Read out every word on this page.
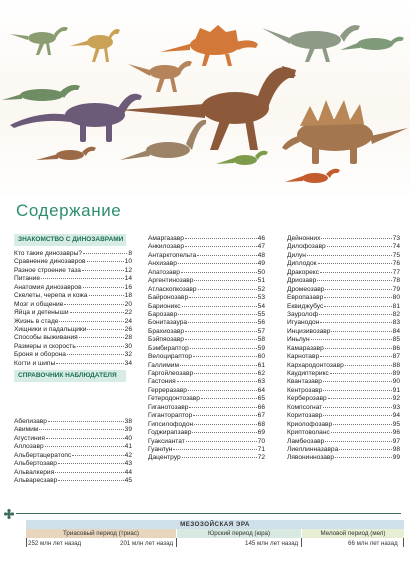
Содержание
ЗНАКОМСТВО С ДИНОЗАВРАМИ
Кто такие динозавры?	8
Сравнение динозавров	10
Разное строение таза	12
Питание	14
Анатомия динозавров	16
Скелеты, черепа и кожа	18
Мозг и общение	20
Яйца и детеныши	22
Жизнь в стаде	24
Хищники и падальщики	26
Способы выживания	28
Размеры и скорость	30
Броня и оборона	32
Когти и шипы	34
СПРАВОЧНИК НАБЛЮДАТЕЛЯ
Абелизавр	38
Авимим	39
Агустиния	40
Аллозавр	41
Альбертацератопс	42
Альбертозавр	43
Альвалкерия	44
Альваресзавр	45
Амаргазавр	46
Анкилозавр	47
Антарктопельта	48
Анхизавр	49
Апатозавр	50
Аргентинозавр	51
Атласкопкозавр	52
Байронозавр	53
Барионикс	54
Барозавр	55
Бонитазаура	56
Брахиозавр	57
Бэйпяозавр	58
Бэмбираптор	59
Велоцираптор	60
Галлимим	61
Гаргойлеозавр	62
Гастония	63
Герреразавр	64
Гетеродонтозавр	65
Гиганотозавр	66
Гигантораптор	67
Гипсилофодон	68
Годжирапзавр	69
Гуаксиантат	70
Гуанлун	71
Дацентрур	72
Дейнонних	73
Дилофозавр	74
Дилун	75
Диплодок	76
Дракорекс	77
Дриозавр	78
Дромеозавр	79
Европазавр	80
Еквиджубус	81
Зауролоф	82
Игуанодон	83
Инцизивозавр	84
Иньлун	85
Камаразавр	86
Карнотавр	87
Кархародонтозавр	88
Каудиптерикс	89
Квантазавр	90
Кентрозавр	91
Керберозавр	92
Компсогнат	93
Коритозавр	94
Криолофозавр	95
Криптоволанс	96
Ламбеозавр	97
Лиеллинназавра	98
Лявониннозавр	99
МЕЗОЗОЙСКАЯ ЭРА
Триасовый период (триас)	Юрский период (юра)	Меловой период (мел)
252 млн лет назад	201 млн лет назад	145 млн лет назад	66 млн лет назад
